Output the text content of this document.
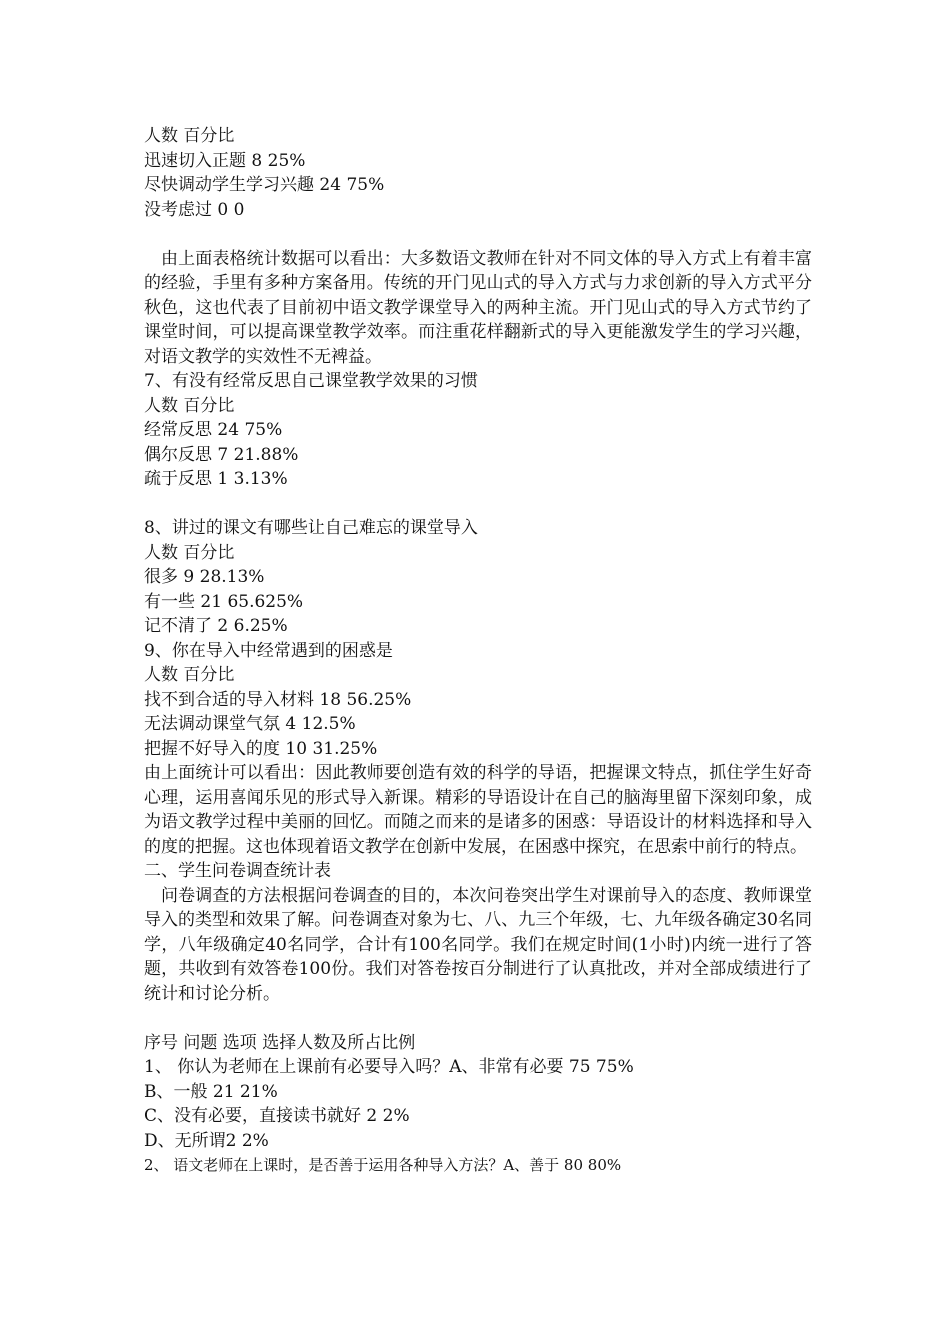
人数 百分比
迅速切入正题 8 25%
尽快调动学生学习兴趣 24 75%
没考虑过 0 0

由上面表格统计数据可以看出：大多数语文教师在针对不同文体的导入方式上有着丰富的经验，手里有多种方案备用。传统的开门见山式的导入方式与力求创新的导入方式平分秋色，这也代表了目前初中语文教学课堂导入的两种主流。开门见山式的导入方式节约了课堂时间，可以提高课堂教学效率。而注重花样翻新式的导入更能激发学生的学习兴趣，对语文教学的实效性不无裨益。

7、有没有经常反思自己课堂教学效果的习惯
人数 百分比
经常反思 24 75%
偶尔反思 7 21.88%
疏于反思 1 3.13%
8、讲过的课文有哪些让自己难忘的课堂导入
人数 百分比
很多 9 28.13%
有一些 21 65.625%
记不清了 2 6.25%
9、你在导入中经常遇到的困惑是
人数 百分比
找不到合适的导入材料 18 56.25%
无法调动课堂气氛 4 12.5%
把握不好导入的度 10 31.25%

由上面统计可以看出：因此教师要创造有效的科学的导语，把握课文特点，抓住学生好奇心理，运用喜闻乐见的形式导入新课。精彩的导语设计在自己的脑海里留下深刻印象，成为语文教学过程中美丽的回忆。而随之而来的是诸多的困惑：导语设计的材料选择和导入的度的把握。这也体现着语文教学在创新中发展，在困惑中探究，在思索中前行的特点。

二、学生问卷调查统计表

问卷调查的方法根据问卷调查的目的，本次问卷突出学生对课前导入的态度、教师课堂导入的类型和效果了解。问卷调查对象为七、八、九三个年级，七、九年级各确定30名同学，八年级确定40名同学，合计有100名同学。我们在规定时间(1小时)内统一进行了答题，共收到有效答卷100份。我们对答卷按百分制进行了认真批改，并对全部成绩进行了统计和讨论分析。

序号 问题 选项 选择人数及所占比例
1、 你认为老师在上课前有必要导入吗？A、非常有必要 75 75%
B、一般 21 21%
C、没有必要，直接读书就好 2 2%
D、无所谓2 2%
2、 语文老师在上课时，是否善于运用各种导入方法？A、善于 80 80%
